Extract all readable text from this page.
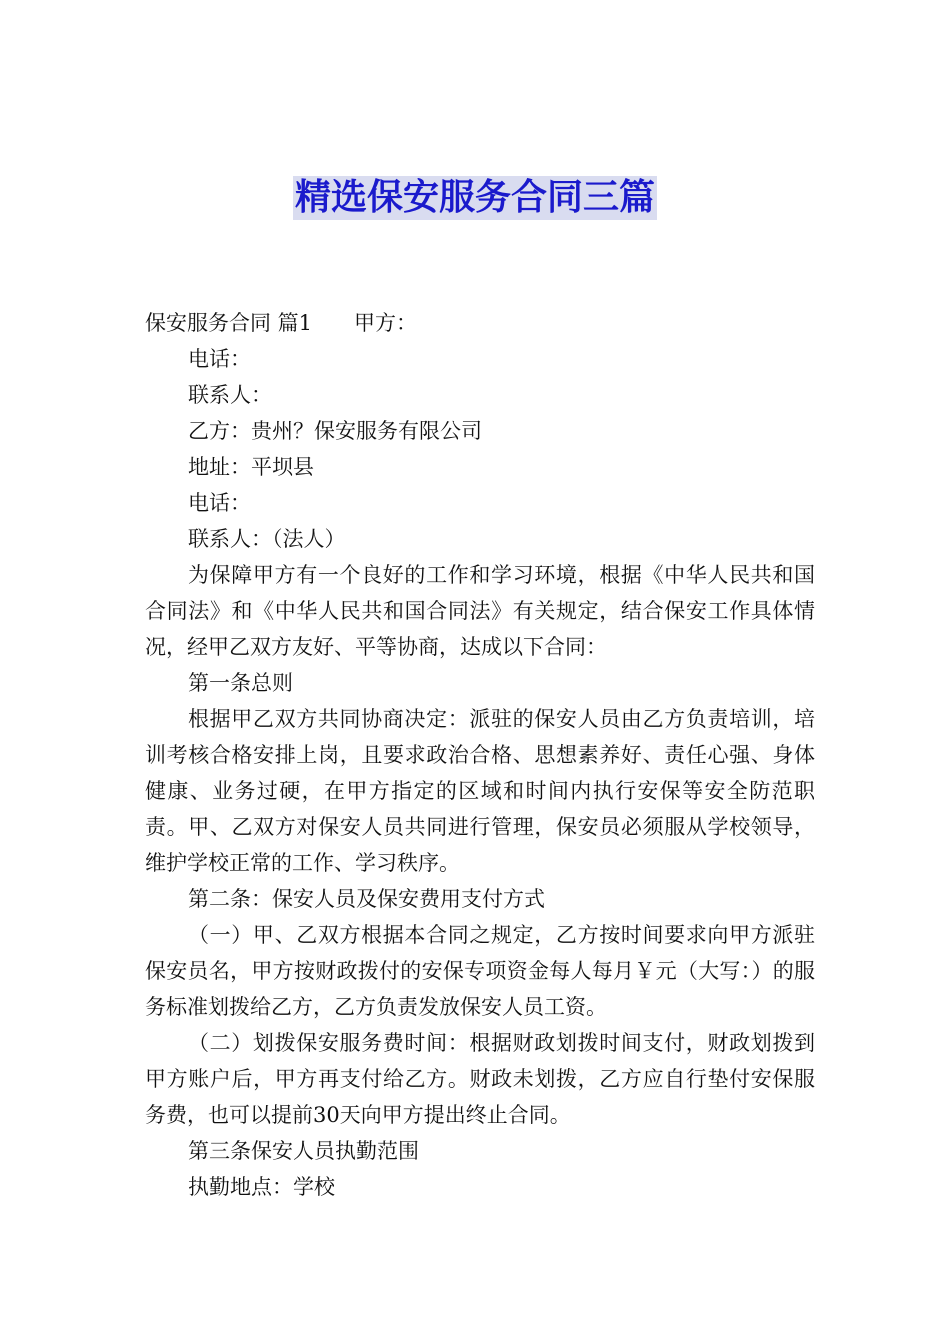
精选保安服务合同三篇

保安服务合同 篇1 甲方：

电话：

联系人：

乙方：贵州？保安服务有限公司

地址：平坝县

电话：

联系人：（法人）

为保障甲方有一个良好的工作和学习环境，根据《中华人民共和国合同法》和《中华人民共和国合同法》有关规定，结合保安工作具体情况，经甲乙双方友好、平等协商，达成以下合同：

第一条总则

根据甲乙双方共同协商决定：派驻的保安人员由乙方负责培训，培训考核合格安排上岗，且要求政治合格、思想素养好、责任心强、身体健康、业务过硬，在甲方指定的区域和时间内执行安保等安全防范职责。甲、乙双方对保安人员共同进行管理，保安员必须服从学校领导，维护学校正常的工作、学习秩序。

第二条：保安人员及保安费用支付方式

（一）甲、乙双方根据本合同之规定，乙方按时间要求向甲方派驻保安员名，甲方按财政拨付的安保专项资金每人每月￥元（大写：）的服务标准划拨给乙方，乙方负责发放保安人员工资。

（二）划拨保安服务费时间：根据财政划拨时间支付，财政划拨到甲方账户后，甲方再支付给乙方。财政未划拨，乙方应自行垫付安保服务费，也可以提前30天向甲方提出终止合同。

第三条保安人员执勤范围

执勤地点：学校
